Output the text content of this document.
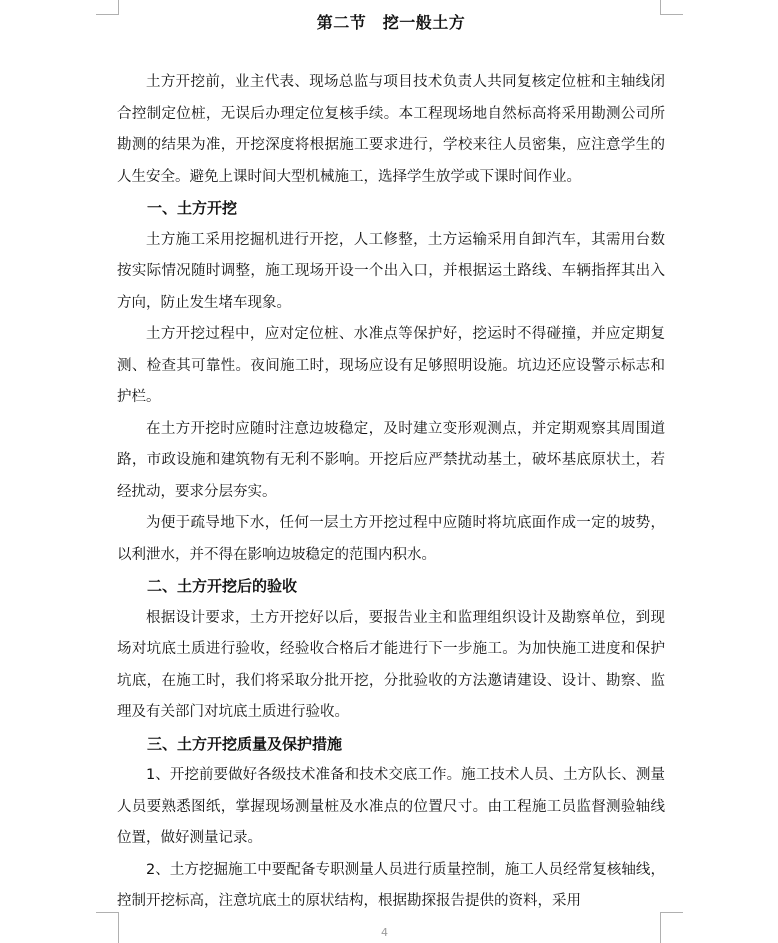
第二节　挖一般土方

土方开挖前，业主代表、现场总监与项目技术负责人共同复核定位桩和主轴线闭合控制定位桩，无误后办理定位复核手续。本工程现场地自然标高将采用勘测公司所勘测的结果为准，开挖深度将根据施工要求进行，学校来往人员密集，应注意学生的人生安全。避免上课时间大型机械施工，选择学生放学或下课时间作业。

一、土方开挖

土方施工采用挖掘机进行开挖，人工修整，土方运输采用自卸汽车，其需用台数按实际情况随时调整，施工现场开设一个出入口，并根据运土路线、车辆指挥其出入方向，防止发生堵车现象。

土方开挖过程中，应对定位桩、水准点等保护好，挖运时不得碰撞，并应定期复测、检查其可靠性。夜间施工时，现场应设有足够照明设施。坑边还应设警示标志和护栏。

在土方开挖时应随时注意边坡稳定，及时建立变形观测点，并定期观察其周围道路，市政设施和建筑物有无利不影响。开挖后应严禁扰动基土，破坏基底原状土，若经扰动，要求分层夯实。

为便于疏导地下水，任何一层土方开挖过程中应随时将坑底面作成一定的坡势，以利泄水，并不得在影响边坡稳定的范围内积水。

二、土方开挖后的验收

根据设计要求，土方开挖好以后，要报告业主和监理组织设计及勘察单位，到现场对坑底土质进行验收，经验收合格后才能进行下一步施工。为加快施工进度和保护坑底，在施工时，我们将采取分批开挖，分批验收的方法邀请建设、设计、勘察、监理及有关部门对坑底土质进行验收。

三、土方开挖质量及保护措施

1、开挖前要做好各级技术准备和技术交底工作。施工技术人员、土方队长、测量人员要熟悉图纸，掌握现场测量桩及水准点的位置尺寸。由工程施工员监督测验轴线位置，做好测量记录。

2、土方挖掘施工中要配备专职测量人员进行质量控制，施工人员经常复核轴线，控制开挖标高，注意坑底土的原状结构，根据勘探报告提供的资料，采用

4
